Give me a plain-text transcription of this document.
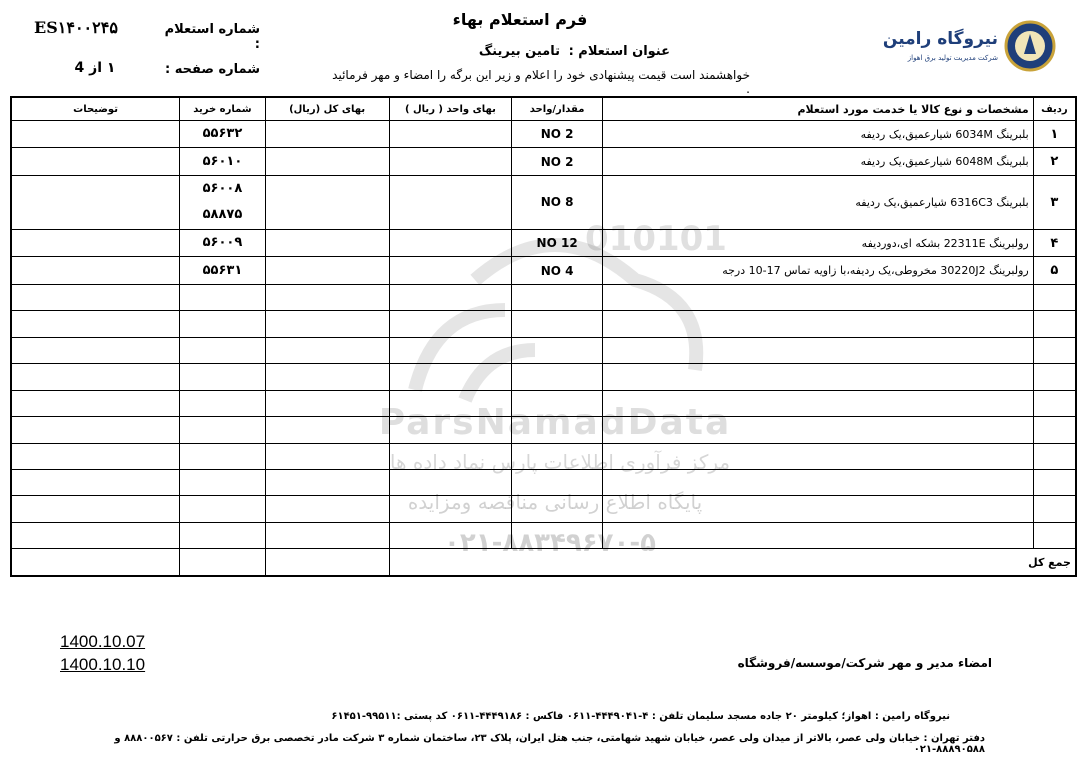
نیروگاه رامین
شرکت مدیریت تولید برق اهواز
فرم استعلام بهاء
عنوان استعلام :
تامین بیرینگ
خواهشمند است قیمت پیشنهادی خود را اعلام و زیر این برگه را امضاء و مهر فرمائید .
شماره استعلام :
ES۱۴۰۰۲۴۵
شماره صفحه :
۱ از 4
010101
ردیف	مشخصات و نوع کالا یا خدمت مورد استعلام	مقدار/واحد	بهای واحد ( ریال )	بهای کل (ریال)	شماره خرید	توضیحات
۱	بلبرینگ 6034M شیارعمیق،یک ردیفه	2 NO			۵۵۶۳۲	
۲	بلبرینگ 6048M شیارعمیق،یک ردیفه	2 NO			۵۶۰۱۰	
۳	بلبرینگ 6316C3 شیارعمیق،یک ردیفه	8 NO			۵۶۰۰۸
۵۸۸۷۵	

۴	رولبرینگ 22311E بشکه ای،دوردیفه	12 NO			۵۶۰۰۹	
۵	رولبرینگ 30220J2 مخروطی،یک ردیفه،با زاویه تماس 17-10 درجه	4 NO			۵۵۶۳۱	

جمع کل						
ParsNamadData
مرکز فرآوری اطلاعات پارس نماد داده ها
پایگاه اطلاع رسانی مناقصه ومزایده
۰۲۱-۸۸۳۴۹۶۷۰-۵
1400.10.07
1400.10.10	امضاء مدیر و مهر شرکت/موسسه/فروشگاه
نیروگاه رامین : اهواز؛ کیلومتر ۲۰ جاده مسجد سلیمان تلفن : ۴-۴۴۴۹۰۴۱-۰۶۱۱ فاکس : ۴۴۴۹۱۸۶-۰۶۱۱ کد پستی :۹۹۵۱۱-۶۱۴۵۱
دفتر تهران : خیابان ولی عصر، بالاتر از میدان ولی عصر، خیابان شهید شهامتی، جنب هتل ایران، پلاک ۲۳، ساختمان شماره ۳ شرکت مادر تخصصی برق حرارتی تلفن : ۸۸۸۰۰۵۶۷ و ۸۸۸۹۰۵۸۸-۰۲۱
